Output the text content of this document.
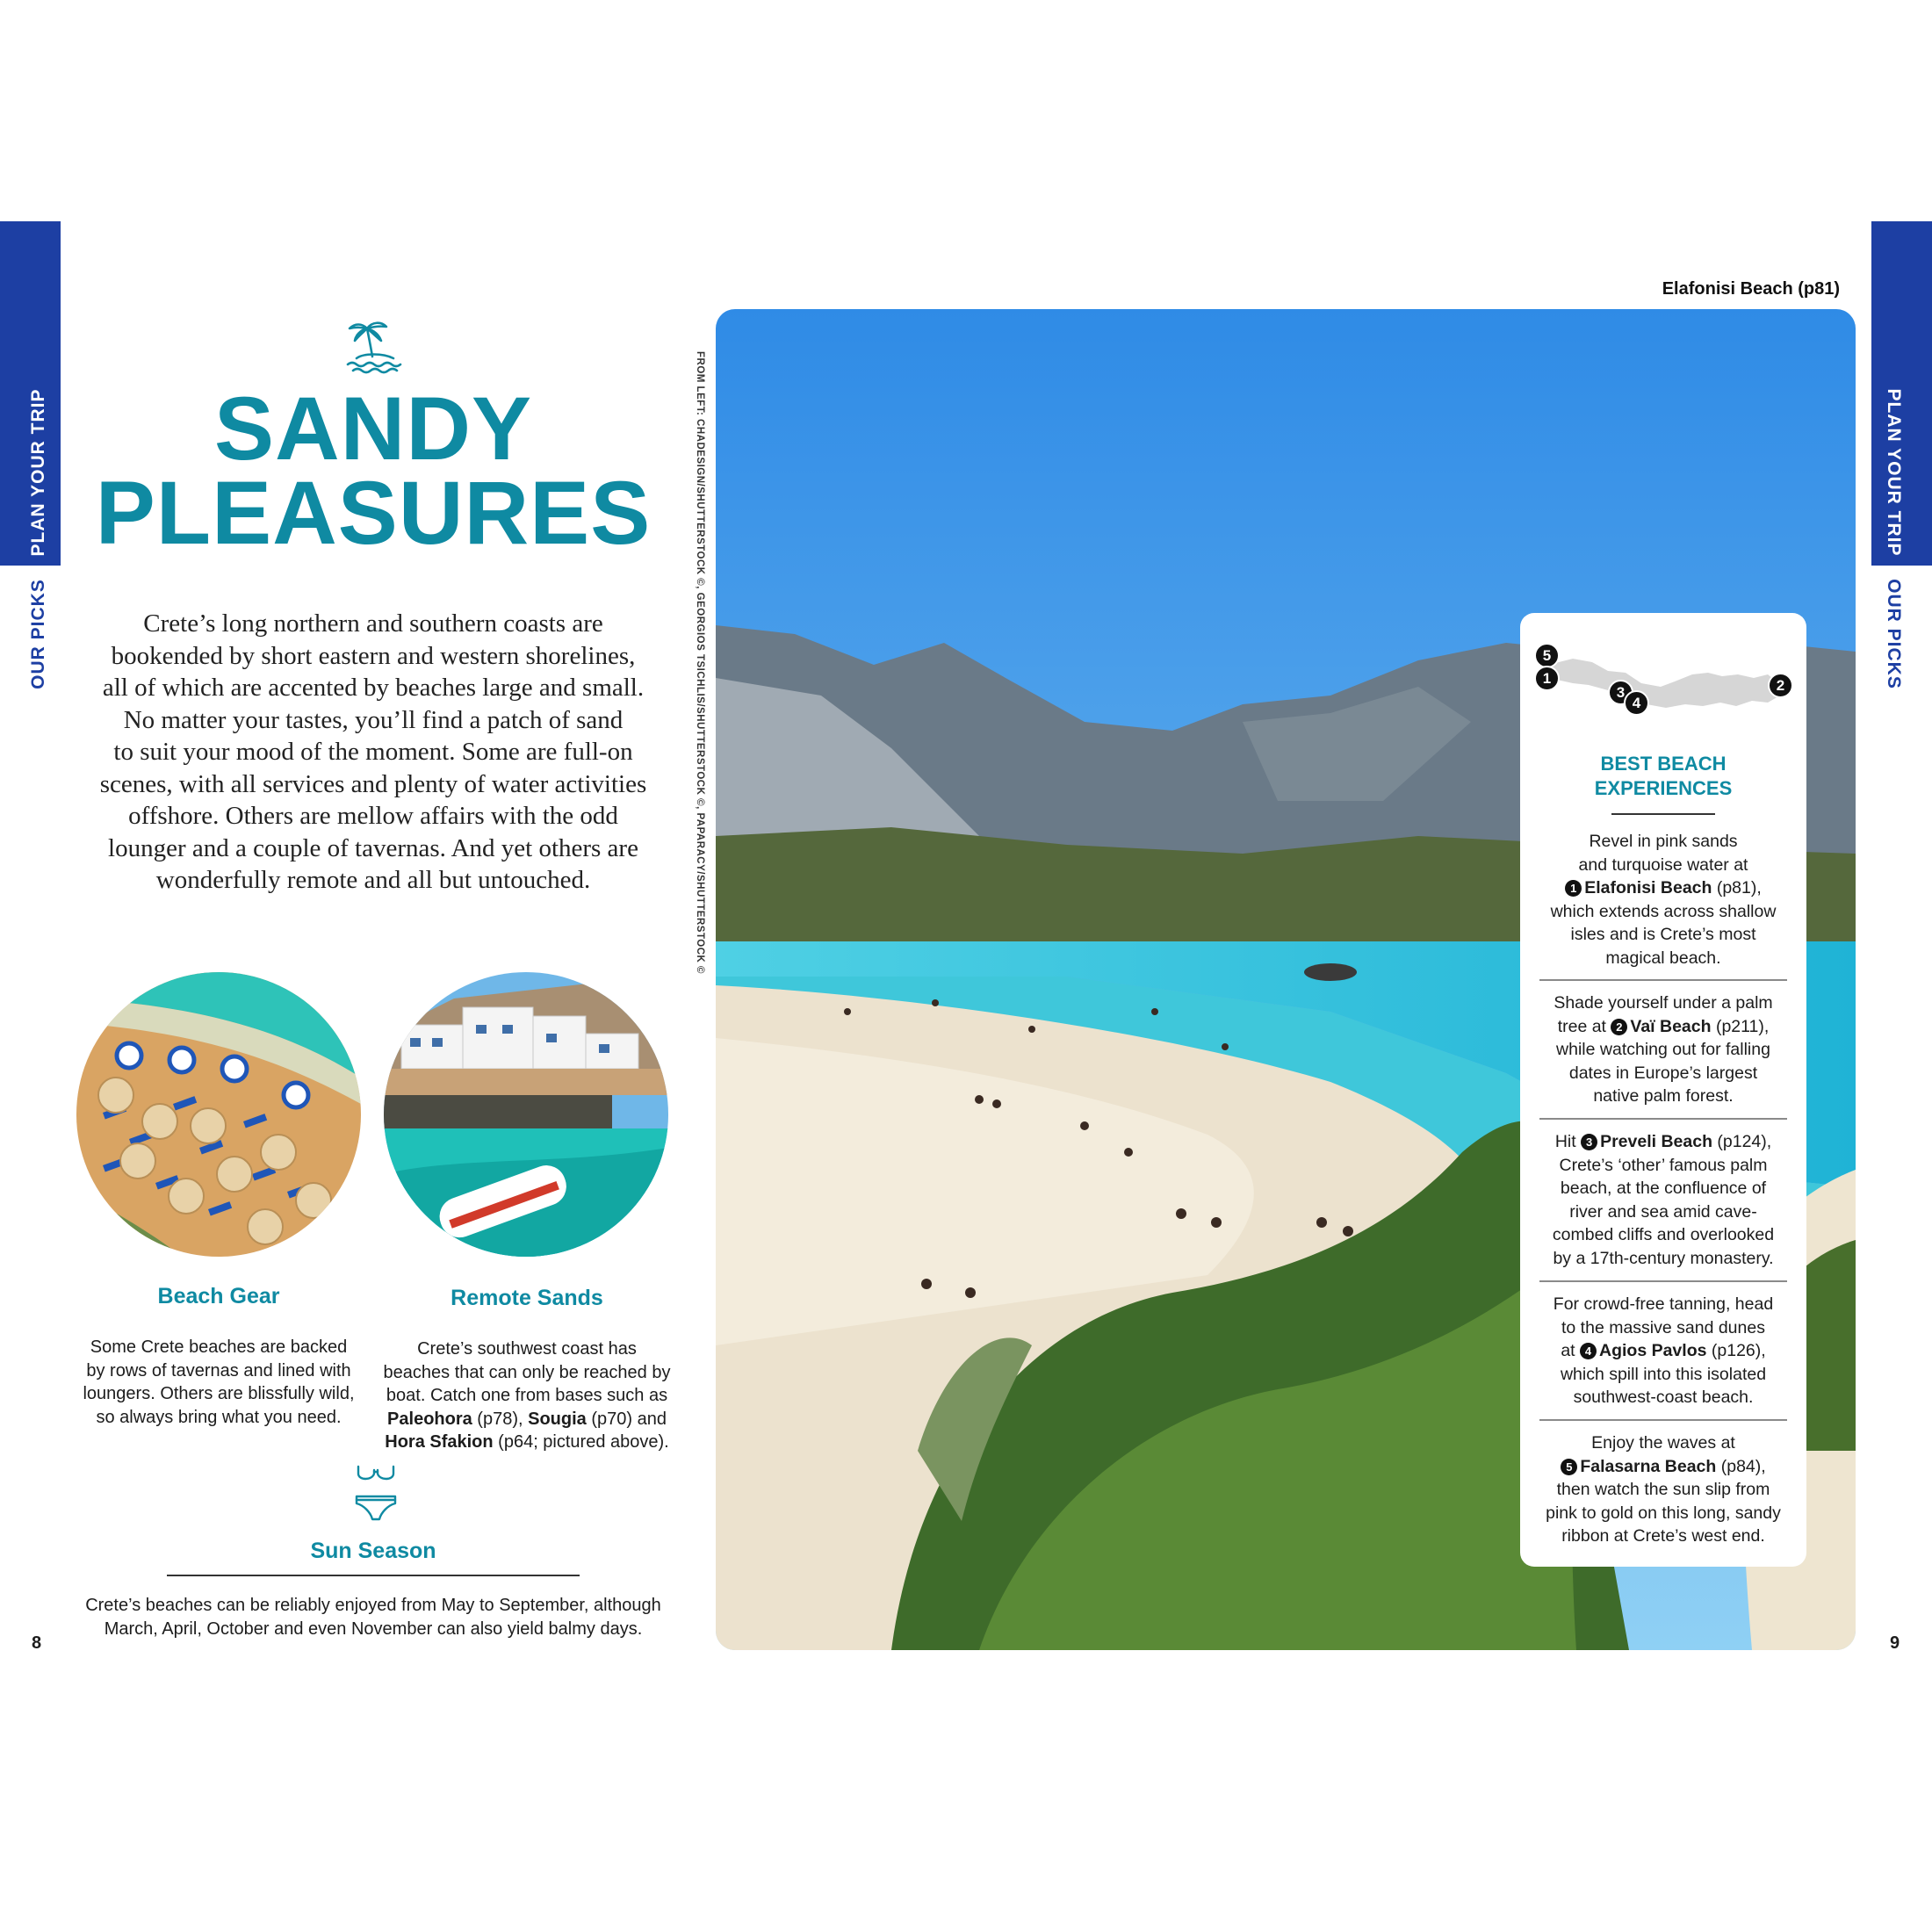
PLAN YOUR TRIP
OUR PICKS
PLAN YOUR TRIP
OUR PICKS
SANDY
PLEASURES
Crete’s long northern and southern coasts are
bookended by short eastern and western shorelines,
all of which are accented by beaches large and small.
No matter your tastes, you’ll find a patch of sand
to suit your mood of the moment. Some are full-on
scenes, with all services and plenty of water activities
offshore. Others are mellow affairs with the odd
lounger and a couple of tavernas. And yet others are
wonderfully remote and all but untouched.
Beach Gear
Some Crete beaches are backed
by rows of tavernas and lined with
loungers. Others are blissfully wild,
so always bring what you need.
Remote Sands
Crete’s southwest coast has
beaches that can only be reached by
boat. Catch one from bases such as
Paleohora (p78), Sougia (p70) and
Hora Sfakion (p64; pictured above).
Sun Season
Crete’s beaches can be reliably enjoyed from May to September, although
March, April, October and even November can also yield balmy days.
8
FROM LEFT: CHADESIGN/SHUTTERSTOCK ©, GEORGIOS TSICHLIS/SHUTTERSTOCK ©, PAPARACY/SHUTTERSTOCK ©
Elafonisi Beach (p81)
5
1
3
4
2
BEST BEACH
EXPERIENCES
Revel in pink sands
and turquoise water at
1 Elafonisi Beach (p81),
which extends across shallow
isles and is Crete’s most
magical beach.
Shade yourself under a palm
tree at 2 Vaï Beach (p211),
while watching out for falling
dates in Europe’s largest
native palm forest.
Hit 3 Preveli Beach (p124),
Crete’s ‘other’ famous palm
beach, at the confluence of
river and sea amid cave-
combed cliffs and overlooked
by a 17th-century monastery.
For crowd-free tanning, head
to the massive sand dunes
at 4 Agios Pavlos (p126),
which spill into this isolated
southwest-coast beach.
Enjoy the waves at
5 Falasarna Beach (p84),
then watch the sun slip from
pink to gold on this long, sandy
ribbon at Crete’s west end.
9
